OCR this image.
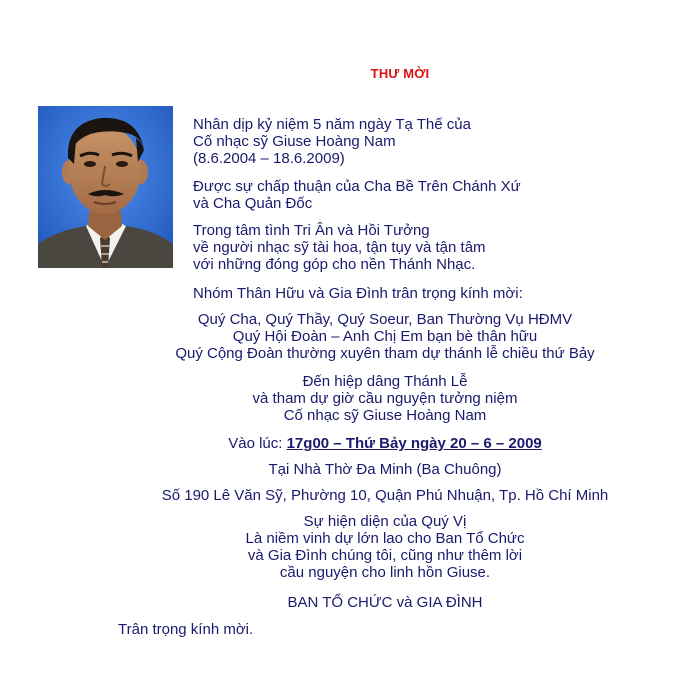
THƯ MỜI
Nhân dịp kỷ niệm 5 năm ngày Tạ Thế của
Cố nhạc sỹ Giuse Hoàng Nam
(8.6.2004 – 18.6.2009)
Được sự chấp thuận của Cha Bề Trên Chánh Xứ
và Cha Quản Đốc
Trong tâm tình Tri Ân và Hồi Tưởng
về người nhạc sỹ tài hoa, tận tụy và tận tâm
với những đóng góp cho nền Thánh Nhạc.
Nhóm Thân Hữu và Gia Đình trân trọng kính mời:
Quý Cha, Quý Thầy, Quý Soeur, Ban Thường Vụ HĐMV
Quý Hội Đoàn – Anh Chị Em bạn bè thân hữu
Quý Cộng Đoàn thường xuyên tham dự thánh lễ chiều thứ Bảy
Đến hiệp dâng Thánh Lễ
và tham dự giờ cầu nguyện tưởng niệm
Cố nhạc sỹ Giuse Hoàng Nam
Vào lúc: 17g00 – Thứ Bảy ngày 20 – 6 – 2009
Tại Nhà Thờ Đa Minh (Ba Chuông)
Số 190 Lê Văn Sỹ, Phường 10, Quận Phú Nhuận, Tp. Hồ Chí Minh
Sự hiện diện của Quý Vị
Là niềm vinh dự lớn lao cho Ban Tổ Chức
và Gia Đình chúng tôi, cũng như thêm lời
cầu nguyện cho linh hồn Giuse.
BAN TỔ CHỨC và GIA ĐÌNH
Trân trọng kính mời.
